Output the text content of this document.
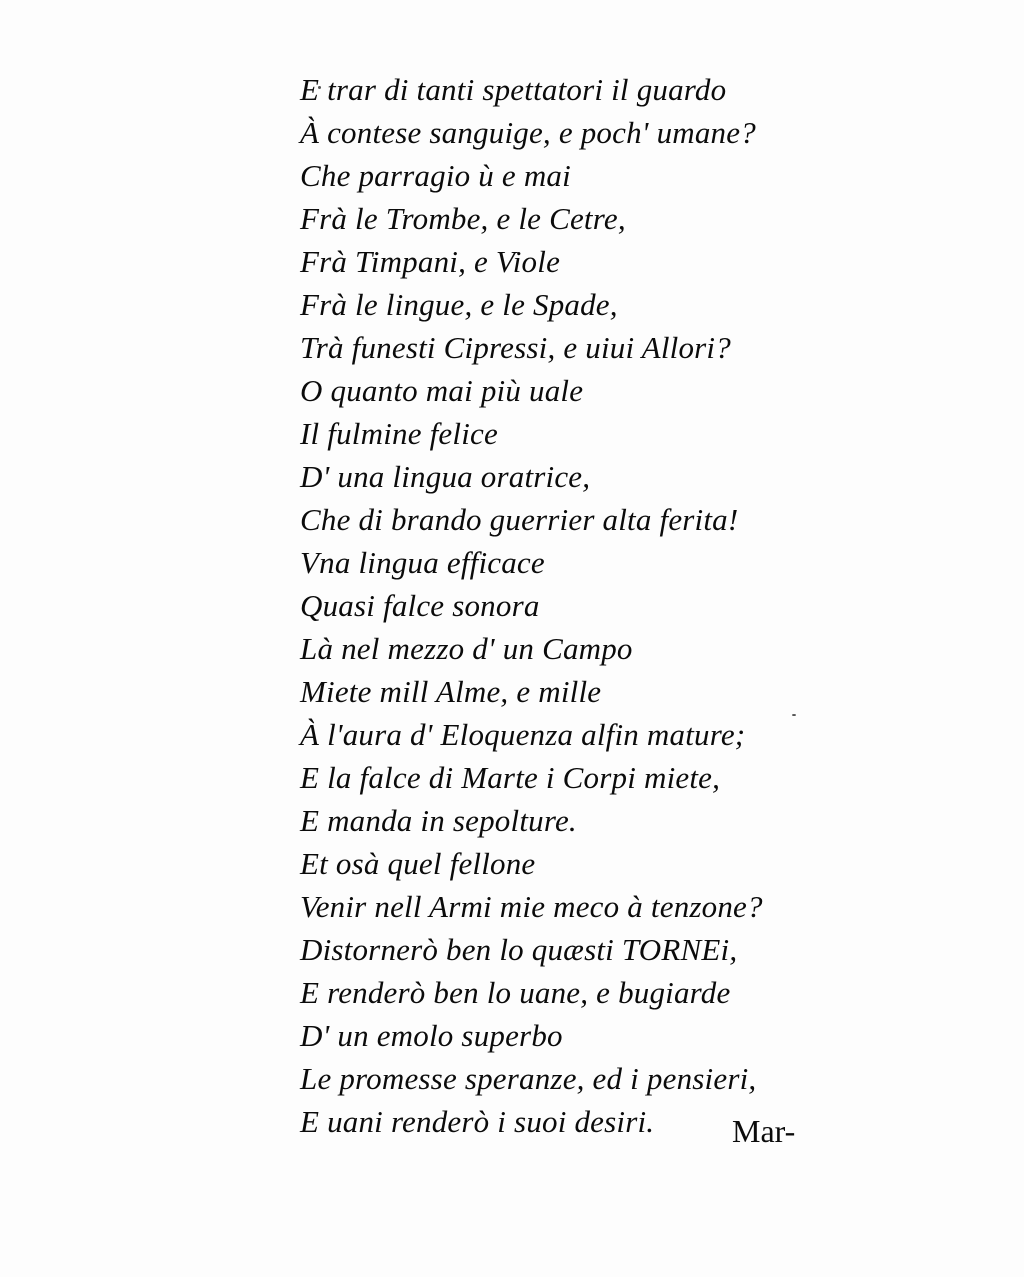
E trar di tanti spettatori il guardo
À contese sanguige, e poch' umane?
Che parragio ù e mai
Frà le Trombe, e le Cetre,
Frà Timpani, e Viole
Frà le lingue, e le Spade,
Trà funesti Cipressi, e uiui Allori?
O quanto mai più uale
Il fulmine felice
D' una lingua oratrice,
Che di brando guerrier alta ferita!
Vna lingua efficace
Quasi falce sonora
Là nel mezzo d' un Campo
Miete mill Alme, e mille
À l'aura d' Eloquenza alfin mature;
E la falce di Marte i Corpi miete,
E manda in sepolture.
Et osà quel fellone
Venir nell Armi mie meco à tenzone?
Distornerò ben lo quæsti TORNEi,
E renderò ben lo uane, e bugiarde
D' un emolo superbo
Le promesse speranze, ed i pensieri,
E uani renderò i suoi desiri.	Mar-
